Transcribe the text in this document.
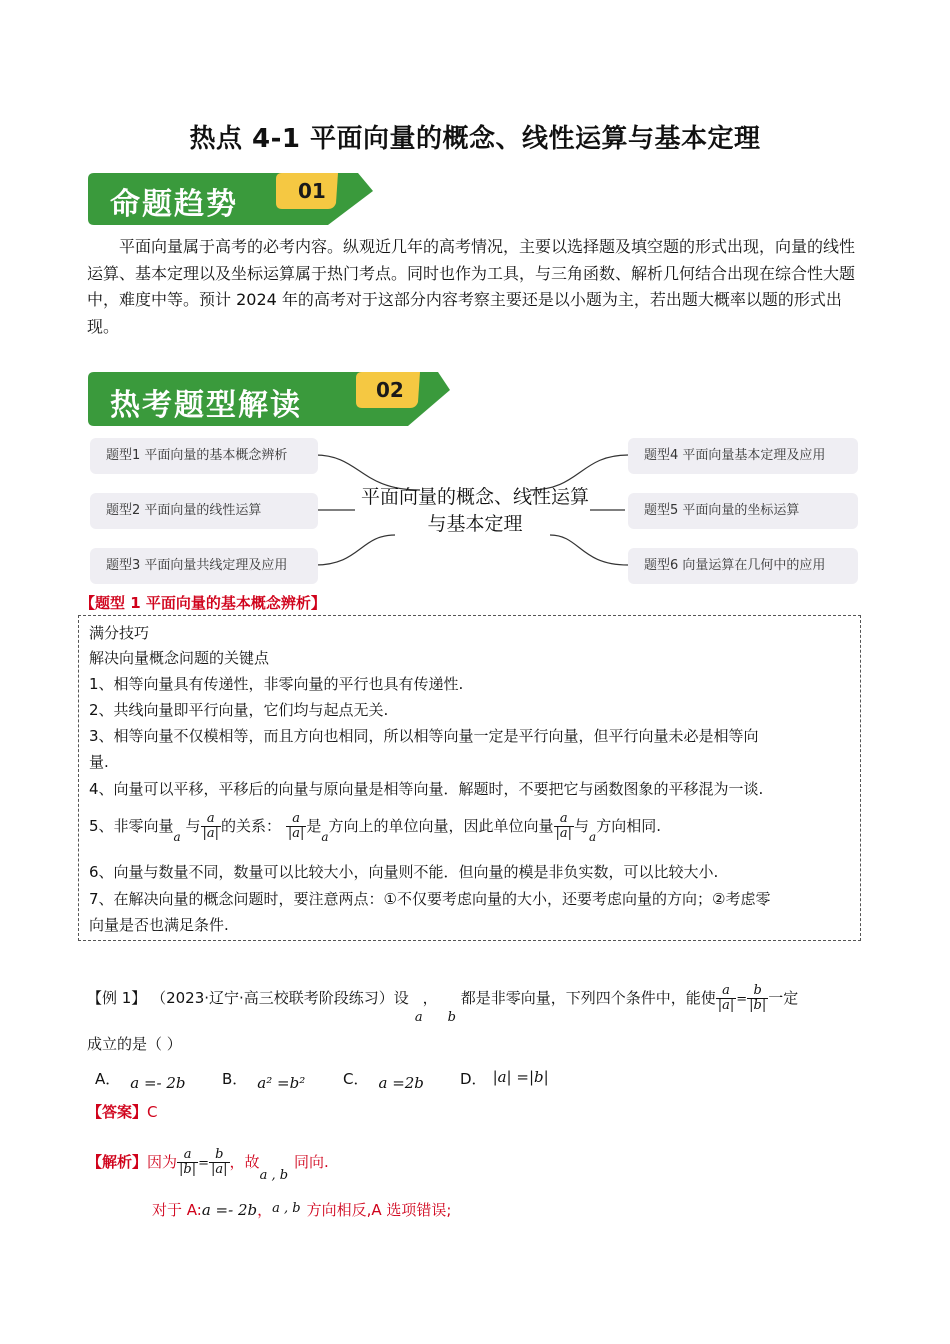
热点 4-1 平面向量的概念、线性运算与基本定理
命题趋势	01
平面向量属于高考的必考内容。纵观近几年的高考情况，主要以选择题及填空题的形式出现，向量的线性运算、基本定理以及坐标运算属于热门考点。同时也作为工具，与三角函数、解析几何结合出现在综合性大题中，难度中等。预计 2024 年的高考对于这部分内容考察主要还是以小题为主，若出题大概率以题的形式出现。
热考题型解读	02
题型1 平面向量的基本概念辨析
题型2 平面向量的线性运算
题型3 平面向量共线定理及应用
题型4 平面向量基本定理及应用
题型5 平面向量的坐标运算
题型6 向量运算在几何中的应用
平面向量的概念、线性运算与基本定理
【题型 1 平面向量的基本概念辨析】
满分技巧
解决向量概念问题的关键点
1、相等向量具有传递性，非零向量的平行也具有传递性.
2、共线向量即平行向量，它们均与起点无关.
3、相等向量不仅模相等，而且方向也相同，所以相等向量一定是平行向量，但平行向量未必是相等向
量.
4、向量可以平移，平移后的向量与原向量是相等向量．解题时，不要把它与函数图象的平移混为一谈.
5、非零向量$_a$ 与 $\frac{a}{|a|}$ 的关系： $\frac{a}{|a|}$ 是$_a$方向上的单位向量，因此单位向量 $\frac{a}{|a|}$ 与$_a$方向相同.
6、向量与数量不同，数量可以比较大小，向量则不能．但向量的模是非负实数，可以比较大小.
7、在解决向量的概念问题时，要注意两点：①不仅要考虑向量的大小，还要考虑向量的方向；②考虑零
向量是否也满足条件.
【例 1】 （2023·辽宁·高三校联考阶段练习）设a，b 都是非零向量，下列四个条件中，能使 $\frac{a}{|a|} = \frac{b}{|b|}$ 一定
成立的是（ ）
A． a =- 2b B． a² =b²	C． a =2b D． |a| =|b|
【答案】C
【解析】因为 $\frac{a}{|b|} = \frac{b}{|a|}$ ，故a , b同向.
对于 A:a =- 2b，a , b 方向相反,A 选项错误;
